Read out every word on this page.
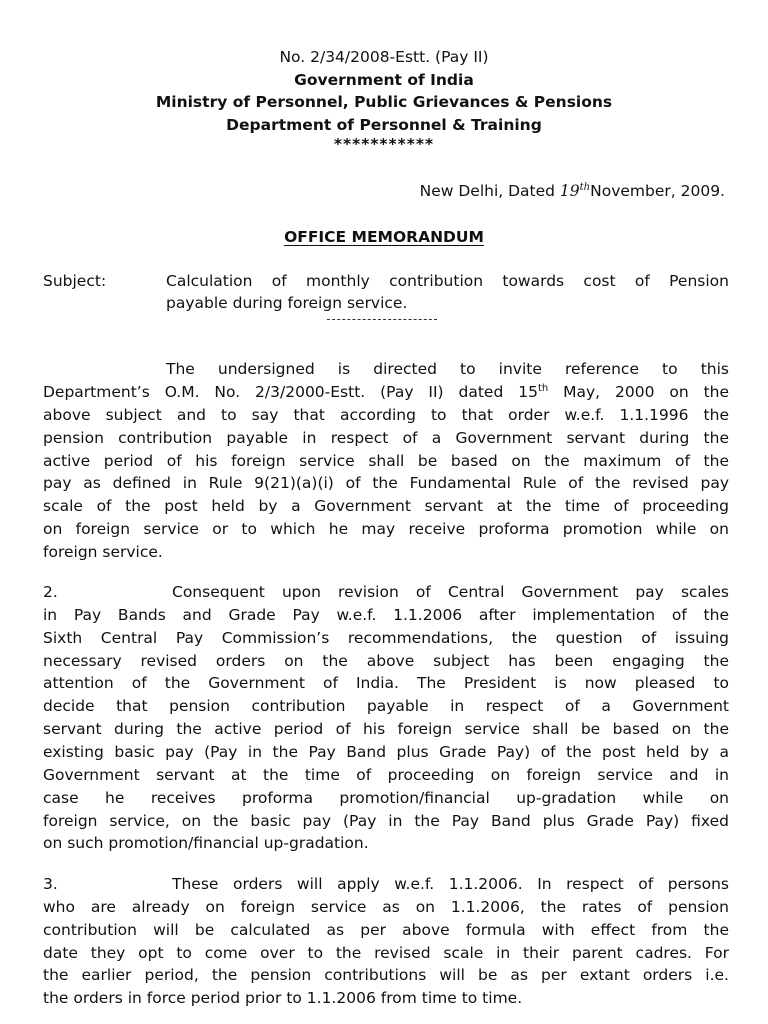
No. 2/34/2008-Estt. (Pay II)
Government of India
Ministry of Personnel, Public Grievances & Pensions
Department of Personnel & Training
***********
New Delhi, Dated 19thNovember, 2009.
OFFICE MEMORANDUM
Subject:	Calculation of monthly contribution towards cost of Pension
payable during foreign service.
The undersigned is directed to invite reference to this
Department’s O.M. No. 2/3/2000-Estt. (Pay II) dated 15th May, 2000 on the
above subject and to say that according to that order w.e.f. 1.1.1996 the
pension contribution payable in respect of a Government servant during the
active period of his foreign service shall be based on the maximum of the
pay as defined in Rule 9(21)(a)(i) of the Fundamental Rule of the revised pay
scale of the post held by a Government servant at the time of proceeding
on foreign service or to which he may receive proforma promotion while on
foreign service.
2.	Consequent upon revision of Central Government pay scales
in Pay Bands and Grade Pay w.e.f. 1.1.2006 after implementation of the
Sixth Central Pay Commission’s recommendations, the question of issuing
necessary revised orders on the above subject has been engaging the
attention of the Government of India. The President is now pleased to
decide that pension contribution payable in respect of a Government
servant during the active period of his foreign service shall be based on the
existing basic pay (Pay in the Pay Band plus Grade Pay) of the post held by a
Government servant at the time of proceeding on foreign service and in
case he receives proforma promotion/financial up-gradation while on
foreign service, on the basic pay (Pay in the Pay Band plus Grade Pay) fixed
on such promotion/financial up-gradation.
3.	These orders will apply w.e.f. 1.1.2006. In respect of persons
who are already on foreign service as on 1.1.2006, the rates of pension
contribution will be calculated as per above formula with effect from the
date they opt to come over to the revised scale in their parent cadres. For
the earlier period, the pension contributions will be as per extant orders i.e.
the orders in force period prior to 1.1.2006 from time to time.
